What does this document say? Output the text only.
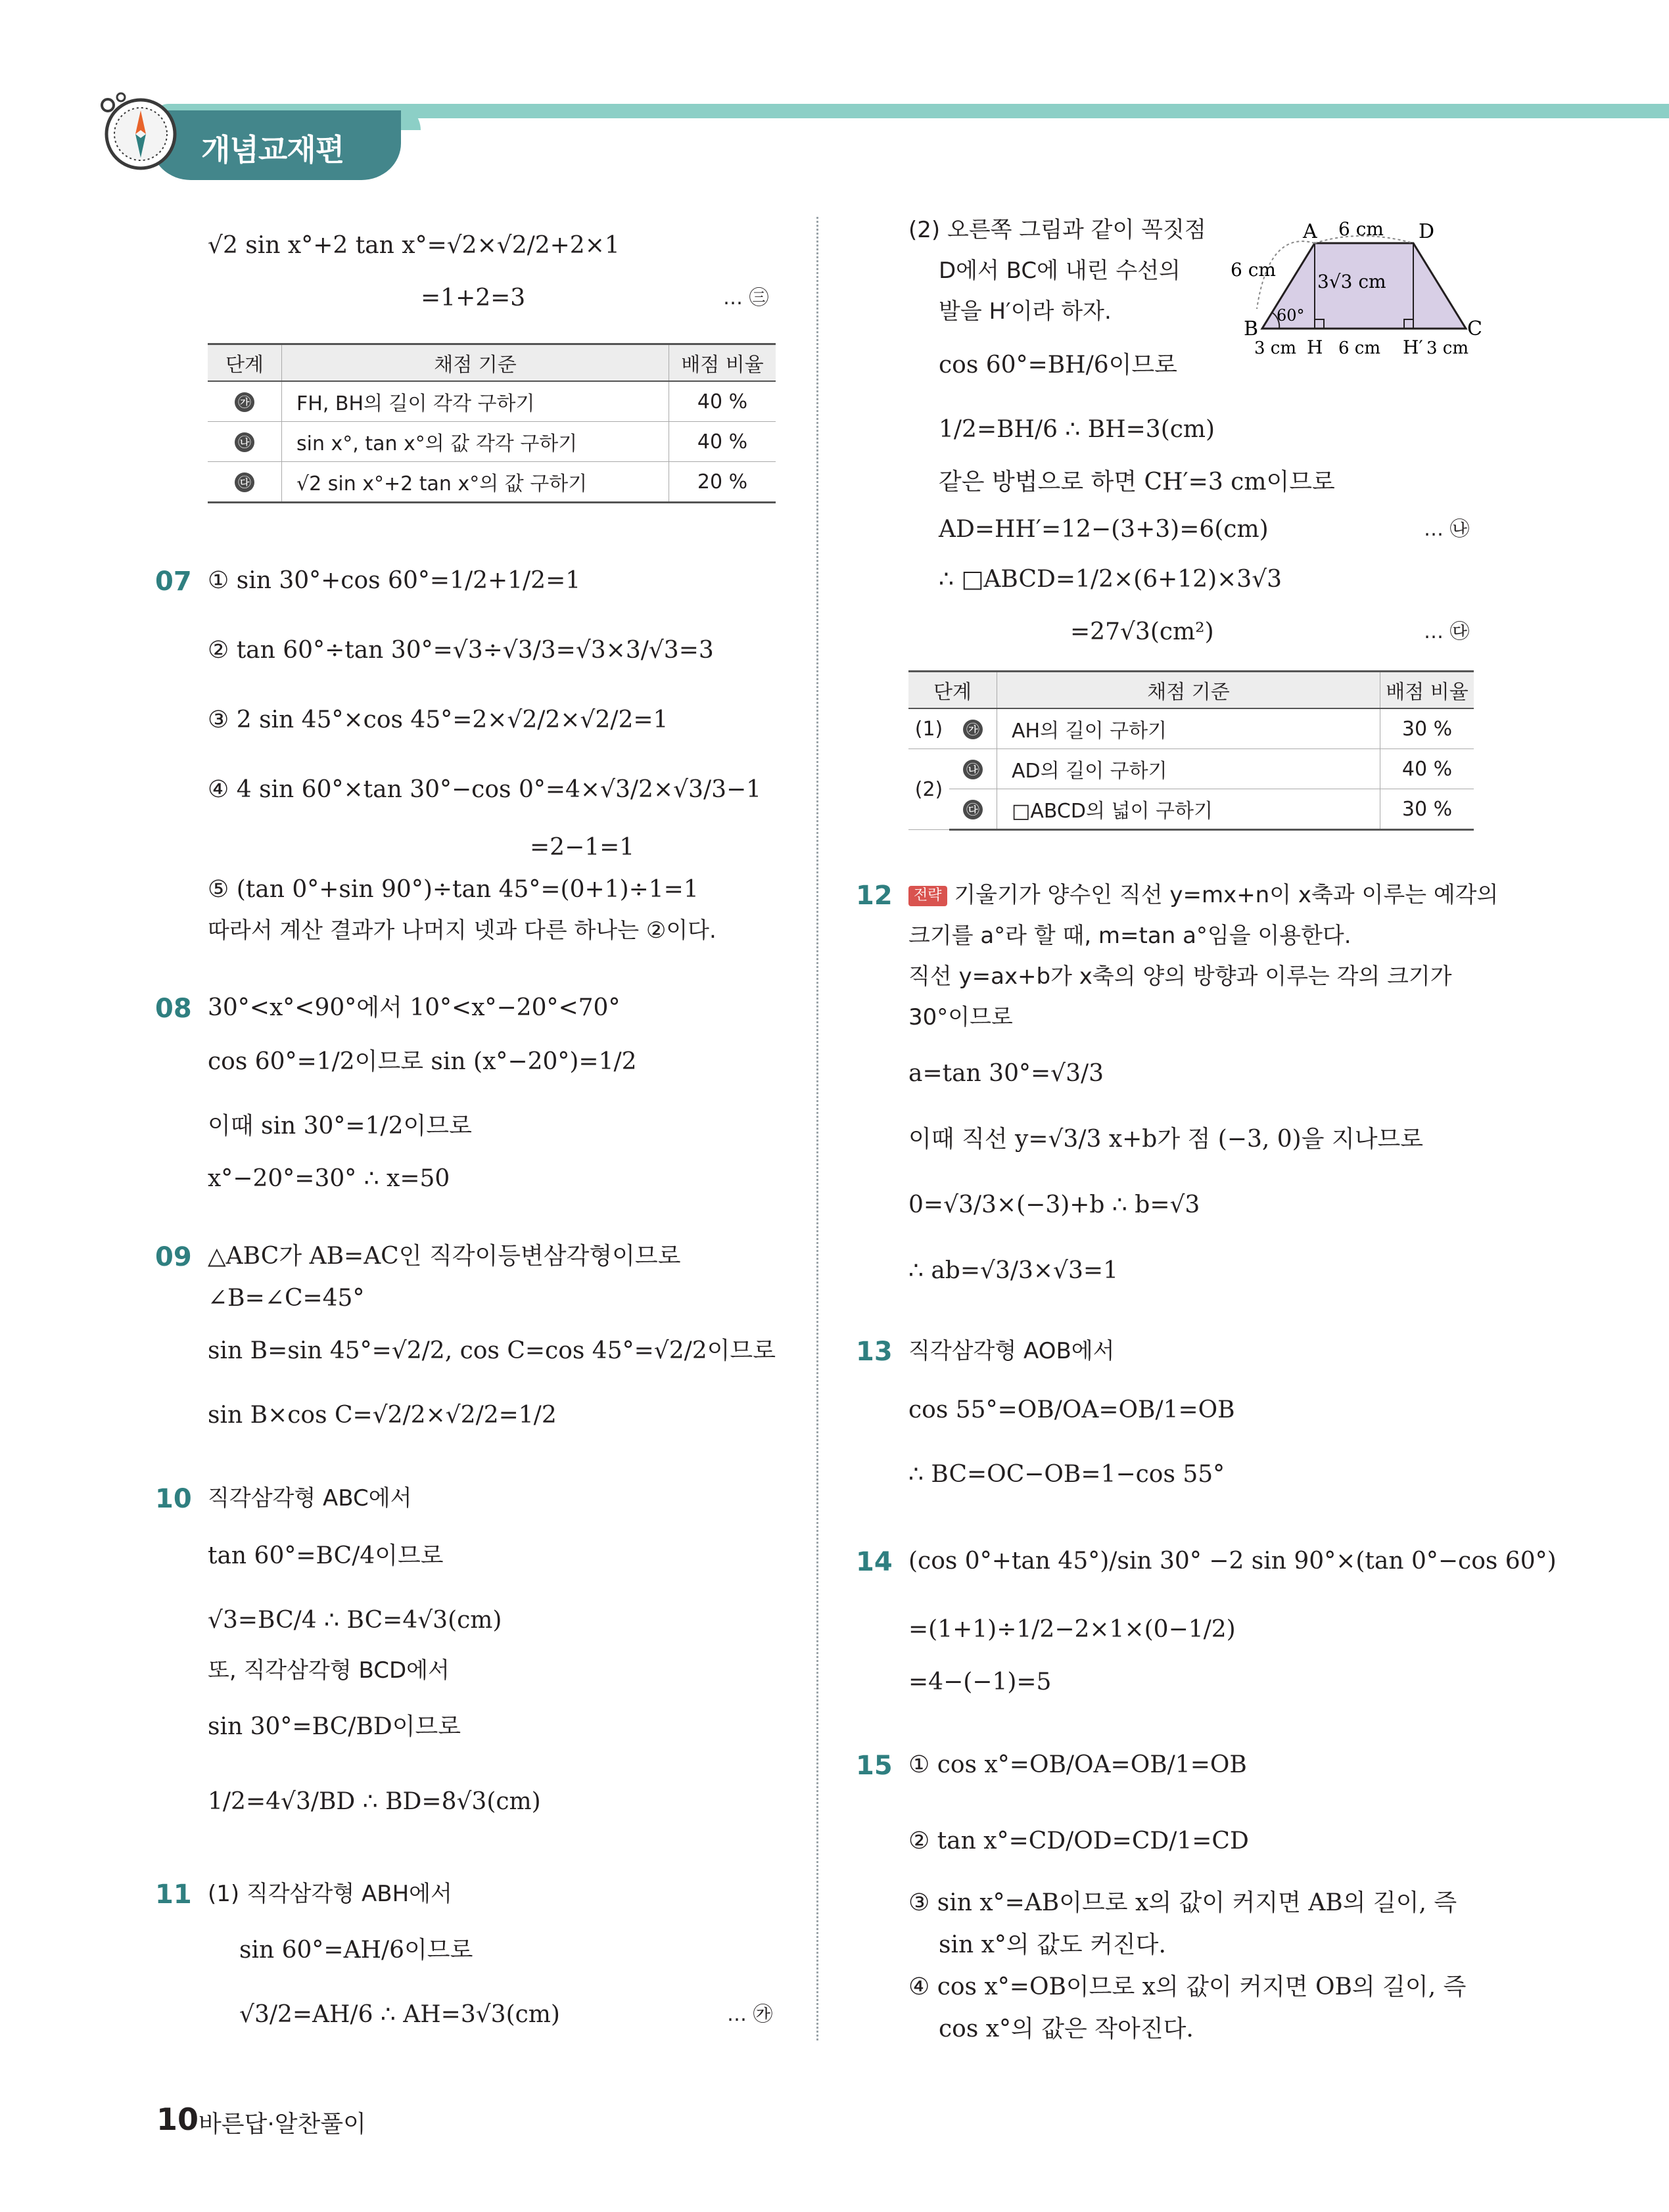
개념교재편
√2 sin x°+2 tan x°=√2×√2/2+2×1
=1+2=3	… ㊂
단계	채점 기준	배점 비율
㉮	FH, BH의 길이 각각 구하기	40 %
㉯	sin x°, tan x°의 값 각각 구하기	40 %
㉰	√2 sin x°+2 tan x°의 값 구하기	20 %
07 ① sin 30°+cos 60°=1/2+1/2=1
② tan 60°÷tan 30°=√3÷√3/3=√3×3/√3=3
③ 2 sin 45°×cos 45°=2×√2/2×√2/2=1
④ 4 sin 60°×tan 30°−cos 0°=4×√3/2×√3/3−1
=2−1=1
⑤ (tan 0°+sin 90°)÷tan 45°=(0+1)÷1=1
따라서 계산 결과가 나머지 넷과 다른 하나는 ②이다.
08 30°<x°<90°에서 10°<x°−20°<70°
cos 60°=1/2이므로 sin (x°−20°)=1/2
이때 sin 30°=1/2이므로
x°−20°=30° ∴ x=50
09 △ABC가 AB=AC인 직각이등변삼각형이므로
∠B=∠C=45°
sin B=sin 45°=√2/2, cos C=cos 45°=√2/2이므로
sin B×cos C=√2/2×√2/2=1/2
10 직각삼각형 ABC에서
tan 60°=BC/4이므로
√3=BC/4 ∴ BC=4√3(cm)
또, 직각삼각형 BCD에서
sin 30°=BC/BD이므로
1/2=4√3/BD ∴ BD=8√3(cm)
11 (1) 직각삼각형 ABH에서
sin 60°=AH/6이므로
√3/2=AH/6 ∴ AH=3√3(cm)	… ㉮
(2) 오른쪽 그림과 같이 꼭짓점
D에서 BC에 내린 수선의
발을 H′이라 하자.
cos 60°=BH/6이므로
1/2=BH/6 ∴ BH=3(cm)
같은 방법으로 하면 CH′=3 cm이므로
AD=HH′=12−(3+3)=6(cm)	… ㉯
∴ □ABCD=1/2×(6+12)×3√3
=27√3(cm²)	… ㉰
A	D
B	C
H	H′
6 cm
6 cm
3√3 cm
60°
3 cm 6 cm	3 cm
단계		채점 기준	배점 비율
(1)	㉮	AH의 길이 구하기	30 %
(2)	㉯	AD의 길이 구하기	40 %
	㉰	□ABCD의 넓이 구하기	30 %
12	전략 기울기가 양수인 직선 y=mx+n이 x축과 이루는 예각의
크기를 a°라 할 때, m=tan a°임을 이용한다.
직선 y=ax+b가 x축의 양의 방향과 이루는 각의 크기가
30°이므로
a=tan 30°=√3/3
이때 직선 y=√3/3 x+b가 점 (−3, 0)을 지나므로
0=√3/3×(−3)+b ∴ b=√3
∴ ab=√3/3×√3=1
13 직각삼각형 AOB에서
cos 55°=OB/OA=OB/1=OB
∴ BC=OC−OB=1−cos 55°
14 (cos 0°+tan 45°)/sin 30° −2 sin 90°×(tan 0°−cos 60°)
=(1+1)÷1/2−2×1×(0−1/2)
=4−(−1)=5
15 ① cos x°=OB/OA=OB/1=OB
② tan x°=CD/OD=CD/1=CD
③ sin x°=AB이므로 x의 값이 커지면 AB의 길이, 즉
sin x°의 값도 커진다.
④ cos x°=OB이므로 x의 값이 커지면 OB의 길이, 즉
cos x°의 값은 작아진다.
10 바른답·알찬풀이
